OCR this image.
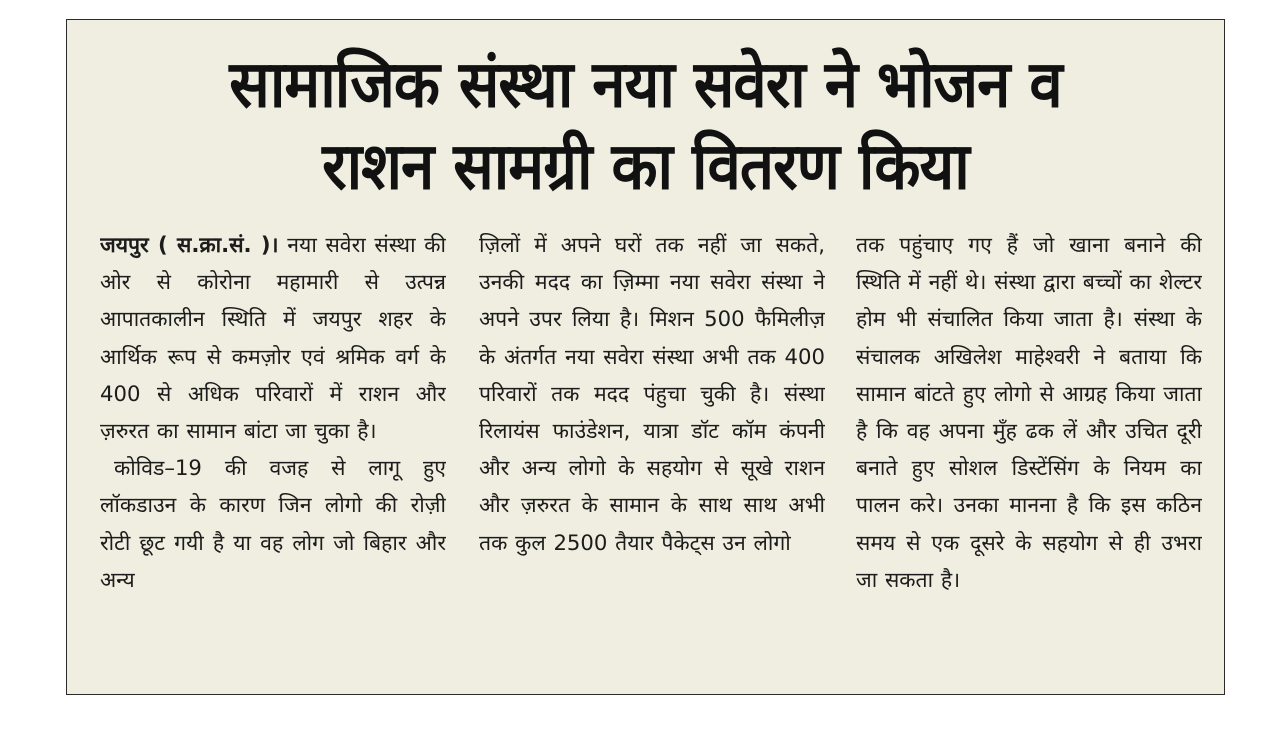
सामाजिक संस्था नया सवेरा ने भोजन व
राशन सामग्री का वितरण किया
जयपुर ( स.क्रा.सं. )। नया सवेरा संस्था की ओर से कोरोना महामारी से उत्पन्न आपातकालीन स्थिति में जयपुर शहर के आर्थिक रूप से कमज़ोर एवं श्रमिक वर्ग के 400 से अधिक परिवारों में राशन और ज़रुरत का सामान बांटा जा चुका है।
कोविड–19 की वजह से लागू हुए लॉकडाउन के कारण जिन लोगो की रोज़ी रोटी छूट गयी है या वह लोग जो बिहार और अन्य
ज़िलों में अपने घरों तक नहीं जा सकते, उनकी मदद का ज़िम्मा नया सवेरा संस्था ने अपने उपर लिया है। मिशन 500 फैमिलीज़ के अंतर्गत नया सवेरा संस्था अभी तक 400 परिवारों तक मदद पंहुचा चुकी है। संस्था रिलायंस फाउंडेशन, यात्रा डॉट कॉम कंपनी और अन्य लोगो के सहयोग से सूखे राशन और ज़रुरत के सामान के साथ साथ अभी तक कुल 2500 तैयार पैकेट्स उन लोगो
तक पहुंचाए गए हैं जो खाना बनाने की स्थिति में नहीं थे। संस्था द्वारा बच्चों का शेल्टर होम भी संचालित किया जाता है। संस्था के संचालक अखिलेश माहेश्वरी ने बताया कि सामान बांटते हुए लोगो से आग्रह किया जाता है कि वह अपना मुँह ढक लें और उचित दूरी बनाते हुए सोशल डिस्टेंसिंग के नियम का पालन करे। उनका मानना है कि इस कठिन समय से एक दूसरे के सहयोग से ही उभरा जा सकता है।
